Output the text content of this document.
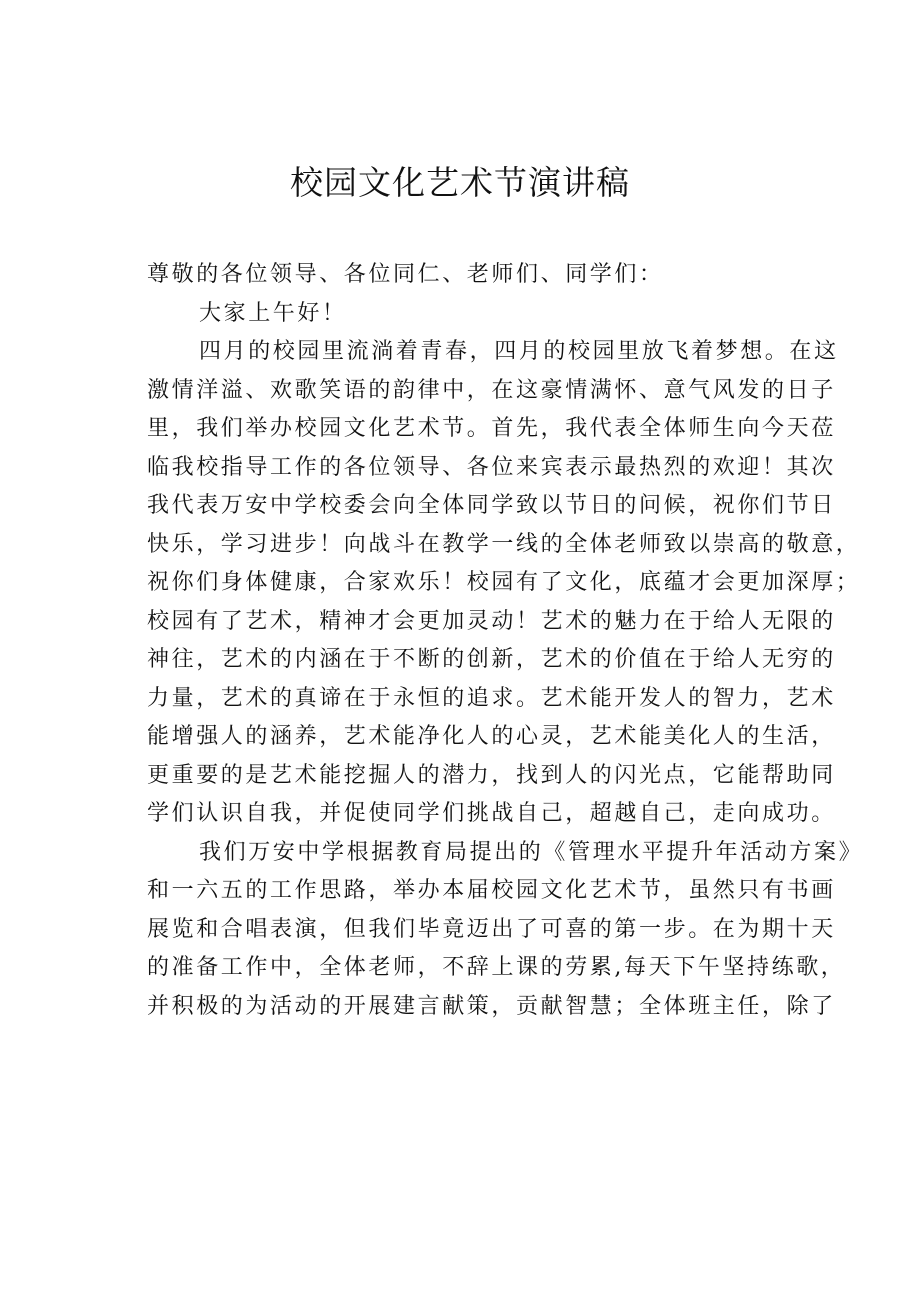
校园文化艺术节演讲稿

尊敬的各位领导、各位同仁、老师们、同学们：

大家上午好！

四月的校园里流淌着青春，四月的校园里放飞着梦想。在这

激情洋溢、欢歌笑语的韵律中，在这豪情满怀、意气风发的日子

里，我们举办校园文化艺术节。首先，我代表全体师生向今天莅

临我校指导工作的各位领导、各位来宾表示最热烈的欢迎！其次

我代表万安中学校委会向全体同学致以节日的问候，祝你们节日

快乐，学习进步！向战斗在教学一线的全体老师致以崇高的敬意，

祝你们身体健康，合家欢乐！校园有了文化，底蕴才会更加深厚；

校园有了艺术，精神才会更加灵动！艺术的魅力在于给人无限的

神往，艺术的内涵在于不断的创新，艺术的价值在于给人无穷的

力量，艺术的真谛在于永恒的追求。艺术能开发人的智力，艺术

能增强人的涵养，艺术能净化人的心灵，艺术能美化人的生活，

更重要的是艺术能挖掘人的潜力，找到人的闪光点，它能帮助同

学们认识自我，并促使同学们挑战自己，超越自己，走向成功。

我们万安中学根据教育局提出的《管理水平提升年活动方案》

和一六五的工作思路，举办本届校园文化艺术节，虽然只有书画

展览和合唱表演，但我们毕竟迈出了可喜的第一步。在为期十天

的准备工作中，全体老师，不辞上课的劳累,每天下午坚持练歌，

并积极的为活动的开展建言献策，贡献智慧；全体班主任，除了
